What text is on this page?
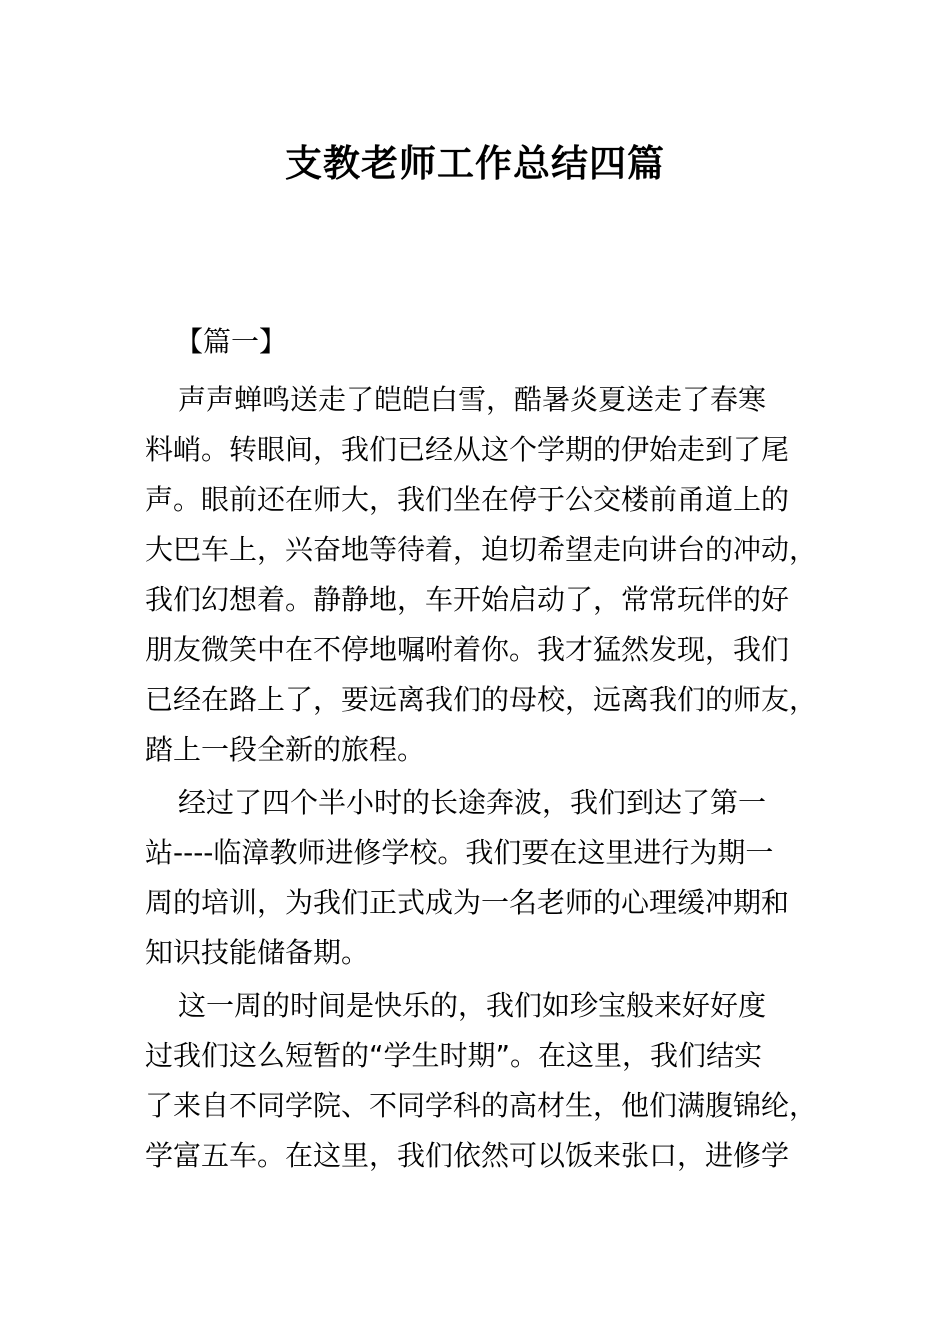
支教老师工作总结四篇
【篇一】
声声蝉鸣送走了皑皑白雪，酷暑炎夏送走了春寒
料峭。转眼间，我们已经从这个学期的伊始走到了尾
声。眼前还在师大，我们坐在停于公交楼前甬道上的
大巴车上，兴奋地等待着，迫切希望走向讲台的冲动，
我们幻想着。静静地，车开始启动了，常常玩伴的好
朋友微笑中在不停地嘱咐着你。我才猛然发现，我们
已经在路上了，要远离我们的母校，远离我们的师友，
踏上一段全新的旅程。
经过了四个半小时的长途奔波，我们到达了第一
站----临漳教师进修学校。我们要在这里进行为期一
周的培训，为我们正式成为一名老师的心理缓冲期和
知识技能储备期。
这一周的时间是快乐的，我们如珍宝般来好好度
过我们这么短暂的“学生时期”。在这里，我们结实
了来自不同学院、不同学科的高材生，他们满腹锦纶，
学富五车。在这里，我们依然可以饭来张口，进修学
